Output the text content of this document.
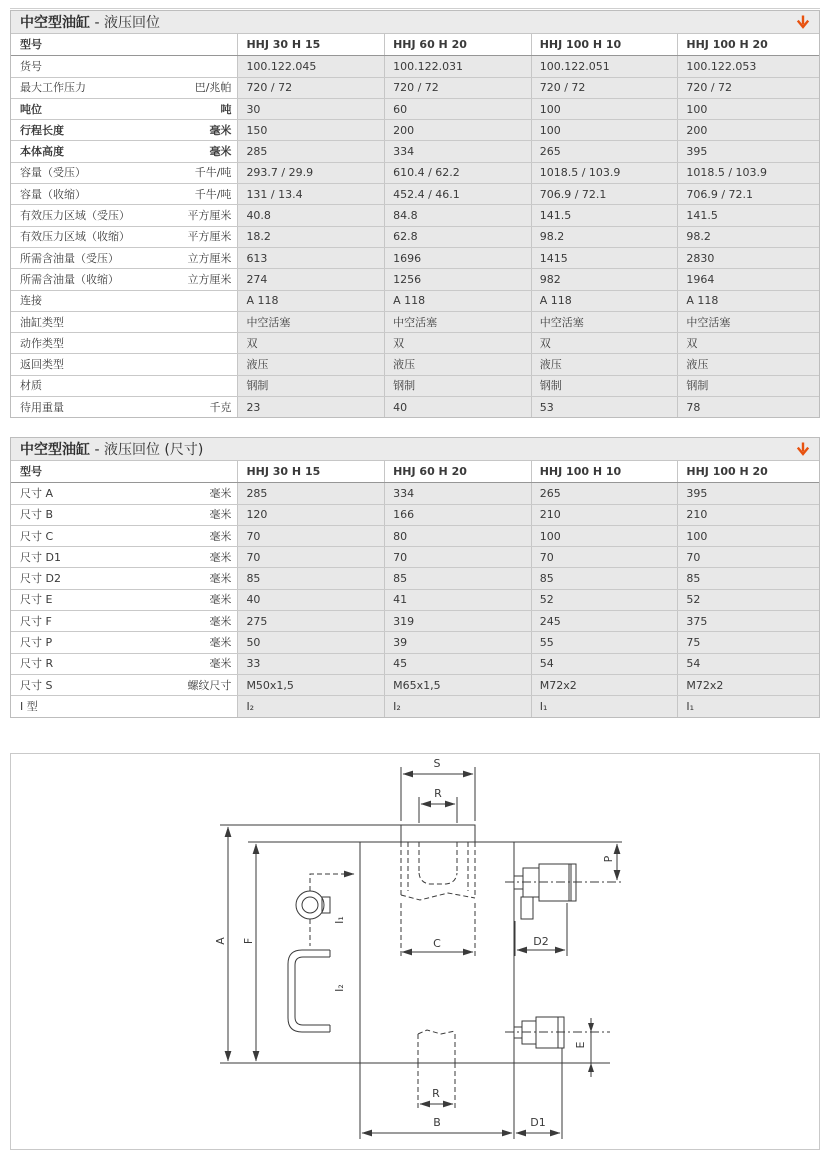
中空型油缸 - 液压回位
型号	HHJ 30 H 15	HHJ 60 H 20	HHJ 100 H 10	HHJ 100 H 20
货号	100.122.045	100.122.031	100.122.051	100.122.053
最大工作压力	巴/兆帕	720 / 72	720 / 72	720 / 72	720 / 72
吨位	吨	30	60	100	100
行程长度	毫米	150	200	100	200
本体高度	毫米	285	334	265	395
容量（受压）	千牛/吨	293.7 / 29.9	610.4 / 62.2	1018.5 / 103.9	1018.5 / 103.9
容量（收缩）	千牛/吨	131 / 13.4	452.4 / 46.1	706.9 / 72.1	706.9 / 72.1
有效压力区域（受压）	平方厘米	40.8	84.8	141.5	141.5
有效压力区域（收缩）	平方厘米	18.2	62.8	98.2	98.2
所需含油量（受压）	立方厘米	613	1696	1415	2830
所需含油量（收缩）	立方厘米	274	1256	982	1964
连接	A 118	A 118	A 118	A 118
油缸类型	中空活塞	中空活塞	中空活塞	中空活塞
动作类型	双	双	双	双
返回类型	液压	液压	液压	液压
材质	钢制	钢制	钢制	钢制
待用重量	千克	23	40	53	78
中空型油缸 - 液压回位 (尺寸)
型号	HHJ 30 H 15	HHJ 60 H 20	HHJ 100 H 10	HHJ 100 H 20
尺寸 A	毫米	285	334	265	395
尺寸 B	毫米	120	166	210	210
尺寸 C	毫米	70	80	100	100
尺寸 D1	毫米	70	70	70	70
尺寸 D2	毫米	85	85	85	85
尺寸 E	毫米	40	41	52	52
尺寸 F	毫米	275	319	245	375
尺寸 P	毫米	50	39	55	75
尺寸 R	毫米	33	45	54	54
尺寸 S	螺纹尺寸	M50x1,5	M65x1,5	M72x2	M72x2
I 型	I₂	I₂	I₁	I₁
S
R
C
A F
I₁
I₂
P
D2
E
R
B	D1
